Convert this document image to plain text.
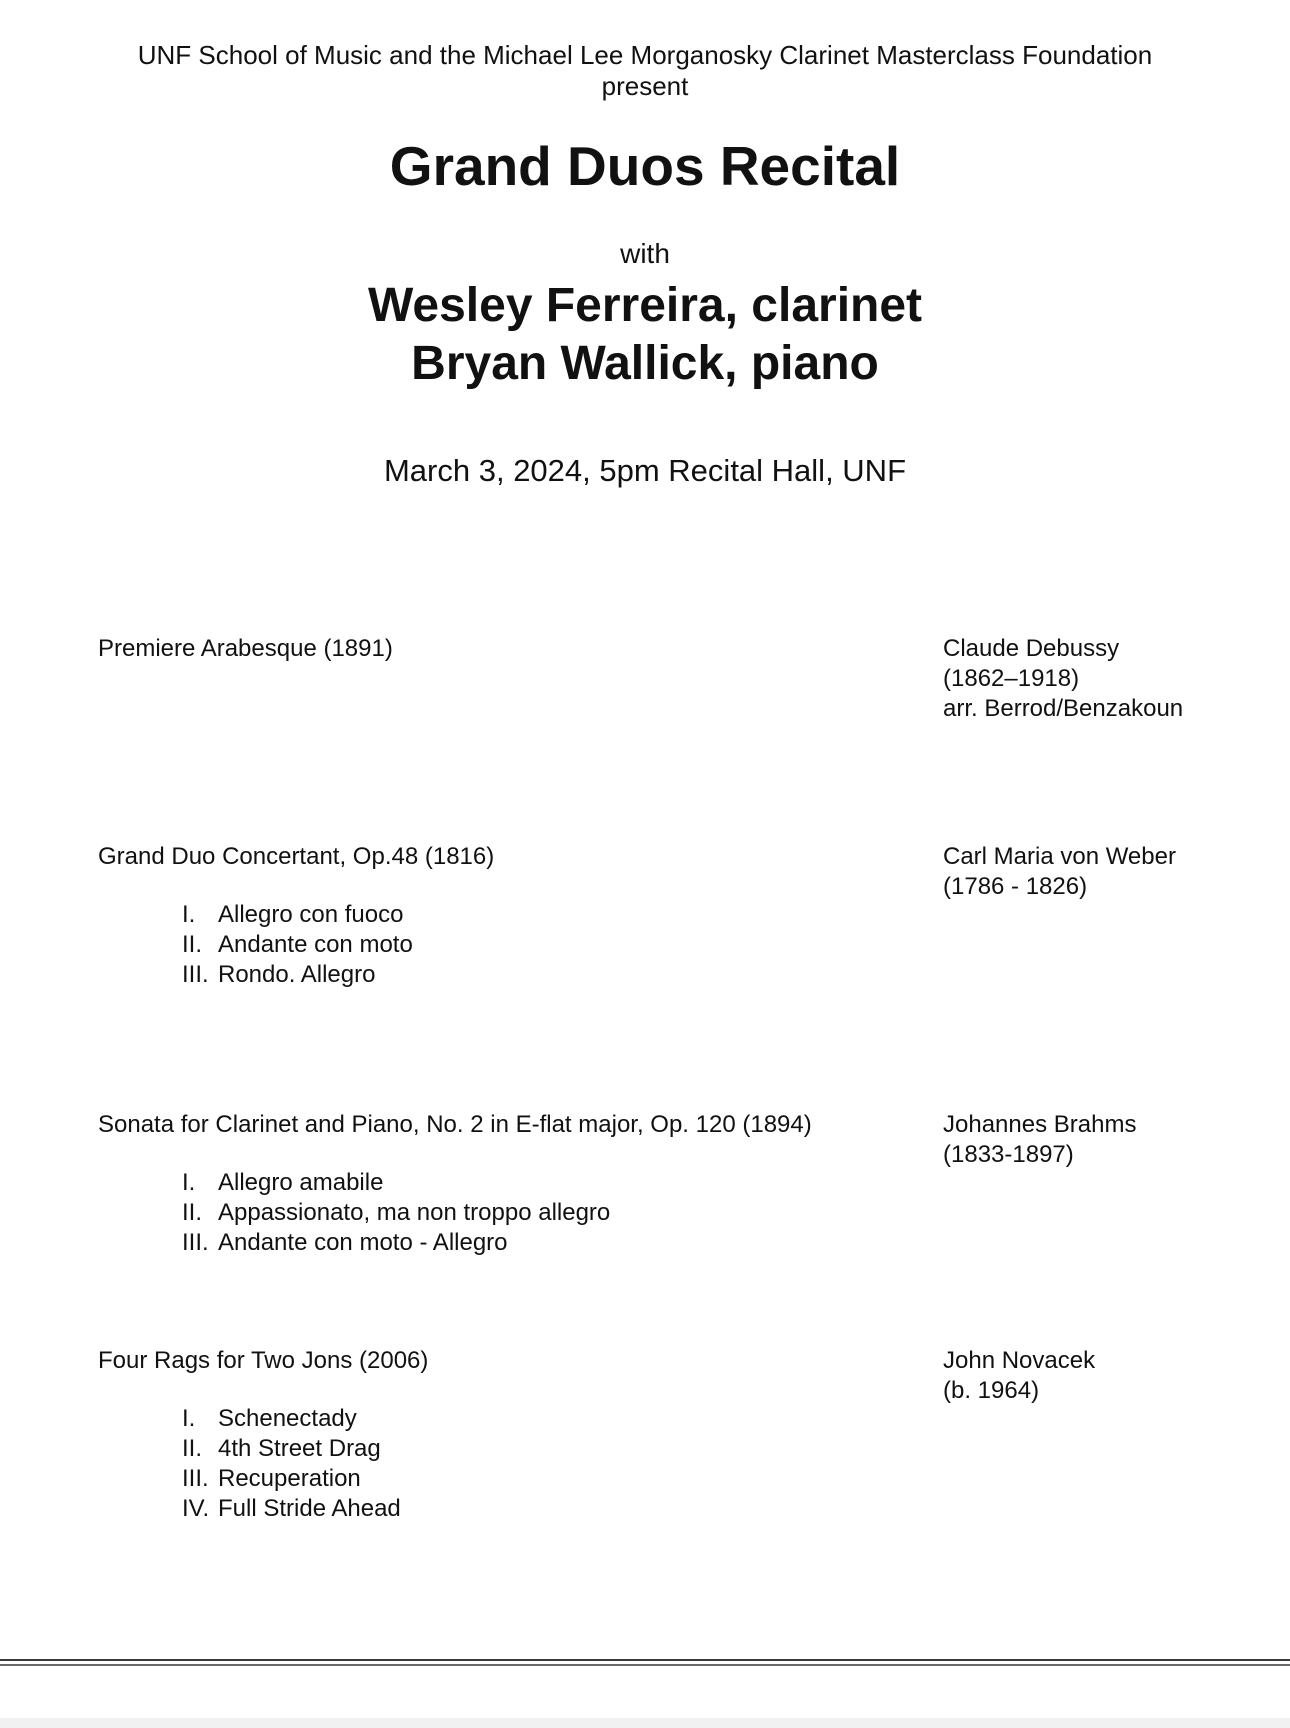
UNF School of Music and the Michael Lee Morganosky Clarinet Masterclass Foundation
present
Grand Duos Recital
with
Wesley Ferreira, clarinet
Bryan Wallick, piano
March 3, 2024, 5pm Recital Hall, UNF
Premiere Arabesque (1891)	Claude Debussy
(1862–1918)
arr. Berrod/Benzakoun
Grand Duo Concertant, Op.48 (1816)	Carl Maria von Weber
(1786 - 1826)
I. Allegro con fuoco
II. Andante con moto
III. Rondo. Allegro
Sonata for Clarinet and Piano, No. 2 in E-flat major, Op. 120 (1894)	Johannes Brahms
(1833-1897)
I. Allegro amabile
II. Appassionato, ma non troppo allegro
III. Andante con moto - Allegro
Four Rags for Two Jons (2006)	John Novacek
(b. 1964)
I. Schenectady
II. 4th Street Drag
III. Recuperation
IV. Full Stride Ahead
